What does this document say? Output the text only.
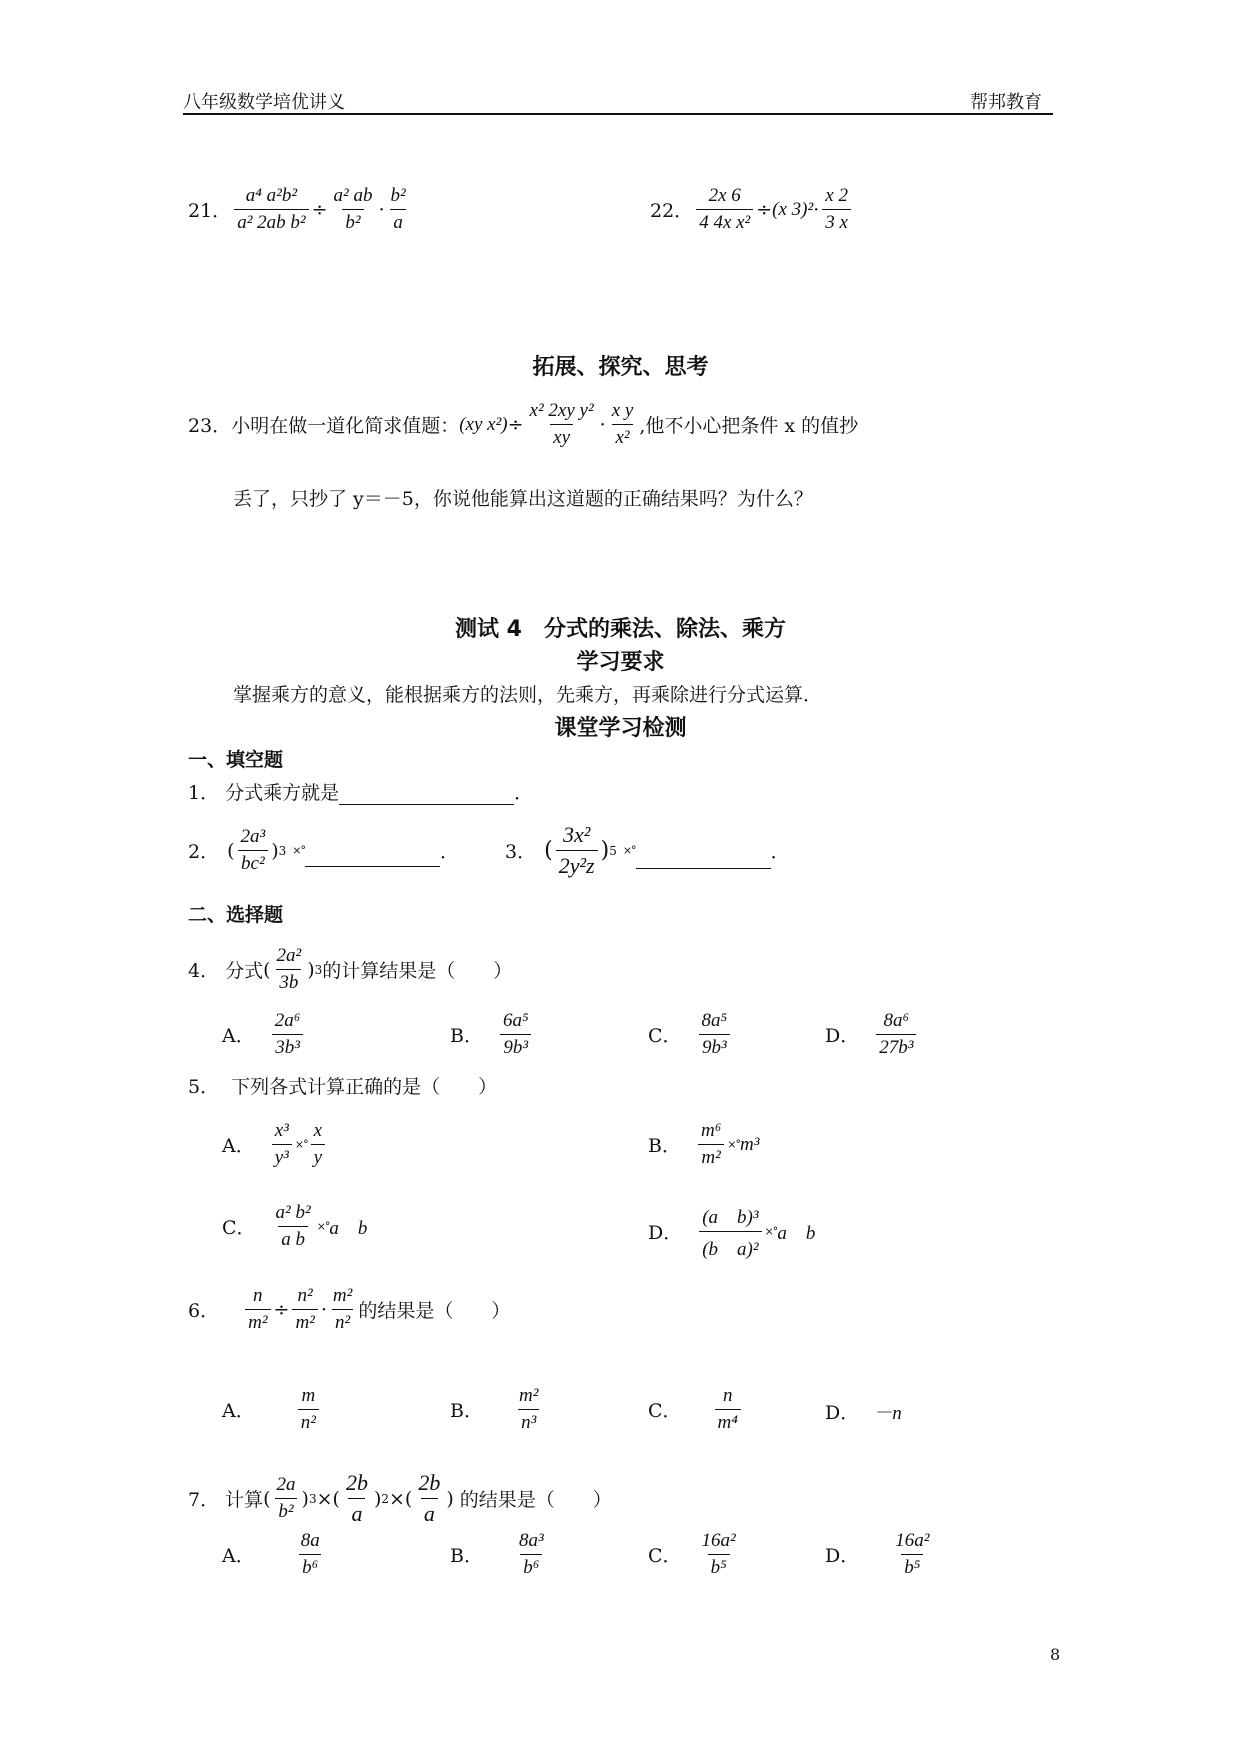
八年级数学培优讲义	帮邦教育
21． $\frac{\text{a⁴ a²b²}}{\text{a² 2ab b²}} \div \frac{\text{a² ab}}{\text{b²}} \cdot \frac{\text{b²}}{a}$	22． $\frac{2x 6}{\text{4 4x x²}} \div (x$ $3)^2 \cdot \frac{x 2}{3 x}$
拓展、探究、思考
23． 小明在做一道化简求值题： (xy $x^2) \div \frac{\text{x² 2xy y²}}{xy} \cdot \frac{\text{x y}}{\text{x²}}$ ,他不小心把条件 x 的值抄
丢了，只抄了 y＝－5，你说他能算出这道题的正确结果吗？为什么？
测试 4　分式的乘法、除法、乘方
学习要求
掌握乘方的意义，能根据乘方的法则，先乘方，再乘除进行分式运算．
课堂学习检测
一、填空题
1． 分式乘方就是	．
2． ( $\frac{\text{2a³}}{\text{bc²}}$ ) 3 ×°	． 3． ( $\frac{\text{3x²}}{\text{2y²z}}$ ) 5 ×°	．
二、选择题
4． 分式 ( $\frac{\text{2a²}}{3b}$ ) 3 的计算结果是（　　）
A． $\frac{\text{2a⁶}}{\text{3b³}}$	B． $\frac{\text{6a⁵}}{\text{9b³}}$	C． $\frac{\text{8a⁵}}{\text{9b³}}$	D． $\frac{\text{8a⁶}}{\text{27b³}}$
5． 下列各式计算正确的是（　　）
A． $\frac{\text{x³}}{\text{y³}}$ ×° $\frac{x}{y}$	B． $\frac{\text{m⁶}}{\text{m²}}$ ×° m³
C． $\frac{\text{a² b²}}{\text{a b}}$ ×° a　b	D． $\frac{\text{(a　b)³}}{\text{(b　a)²}}$ ×° a　b
6． $\frac{n}{\text{m²}} \div \frac{\text{n²}}{\text{m²}} \cdot \frac{\text{m²}}{\text{n²}}$ 的结果是（　　）
A． $\frac{m}{\text{n²}}$	B． $\frac{\text{m²}}{\text{n³}}$	C． $\frac{n}{\text{m⁴}}$	D． －n
7． 计算 ( $\frac{2a}{\text{b²}}$ ) 3 × ( $\frac{2b}{a}$ ) 2 × ( $\frac{2b}{a}$ ) 的结果是（　　）
A． $\frac{8a}{\text{b⁶}}$	B． $\frac{\text{8a³}}{\text{b⁶}}$	C． $\frac{\text{16a²}}{\text{b⁵}}$	D． $\frac{\text{16a²}}{\text{b⁵}}$
8
